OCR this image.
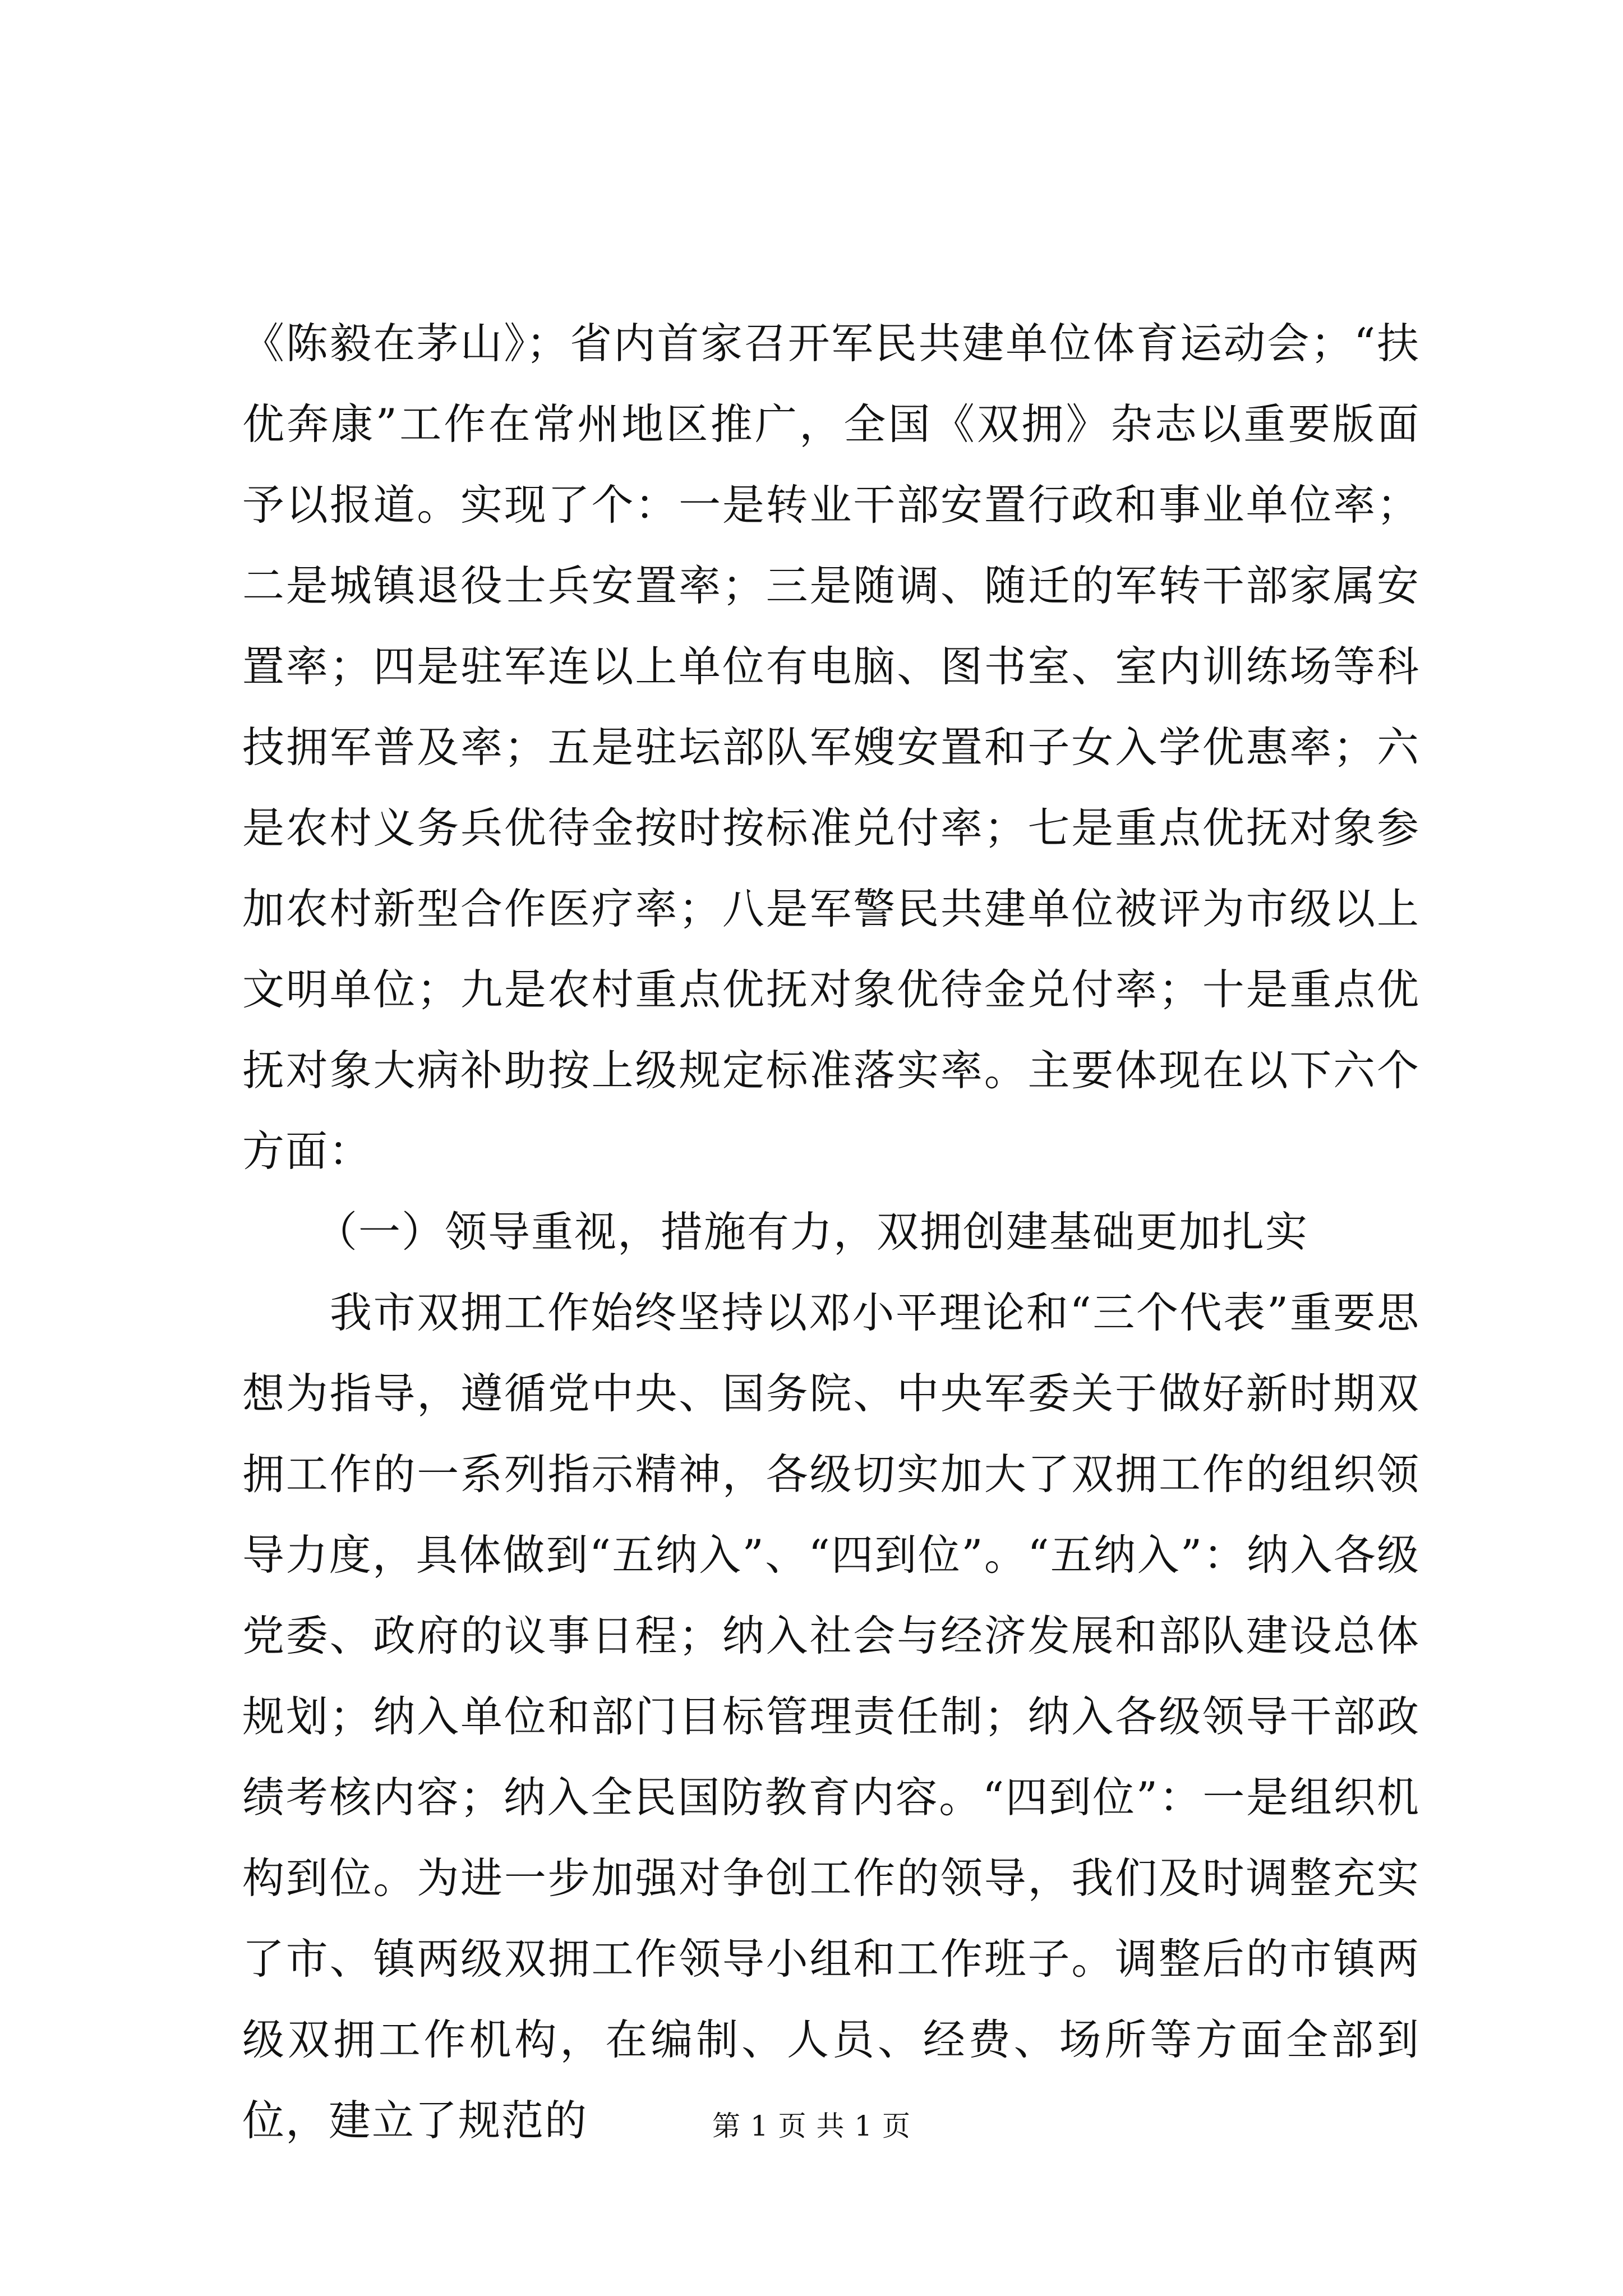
《陈毅在茅山》；省内首家召开军民共建单位体育运动会；“扶优奔康”工作在常州地区推广，全国《双拥》杂志以重要版面予以报道。实现了个：一是转业干部安置行政和事业单位率；二是城镇退役士兵安置率；三是随调、随迁的军转干部家属安置率；四是驻军连以上单位有电脑、图书室、室内训练场等科技拥军普及率；五是驻坛部队军嫂安置和子女入学优惠率；六是农村义务兵优待金按时按标准兑付率；七是重点优抚对象参加农村新型合作医疗率；八是军警民共建单位被评为市级以上文明单位；九是农村重点优抚对象优待金兑付率；十是重点优抚对象大病补助按上级规定标准落实率。主要体现在以下六个方面：

（一）领导重视，措施有力，双拥创建基础更加扎实

我市双拥工作始终坚持以邓小平理论和“三个代表”重要思想为指导，遵循党中央、国务院、中央军委关于做好新时期双拥工作的一系列指示精神，各级切实加大了双拥工作的组织领导力度，具体做到“五纳入”、“四到位”。“五纳入”：纳入各级党委、政府的议事日程；纳入社会与经济发展和部队建设总体规划；纳入单位和部门目标管理责任制；纳入各级领导干部政绩考核内容；纳入全民国防教育内容。“四到位”：一是组织机构到位。为进一步加强对争创工作的领导，我们及时调整充实了市、镇两级双拥工作领导小组和工作班子。调整后的市镇两级双拥工作机构，在编制、人员、经费、场所等方面全部到位，建立了规范的	第 1 页 共 1 页
